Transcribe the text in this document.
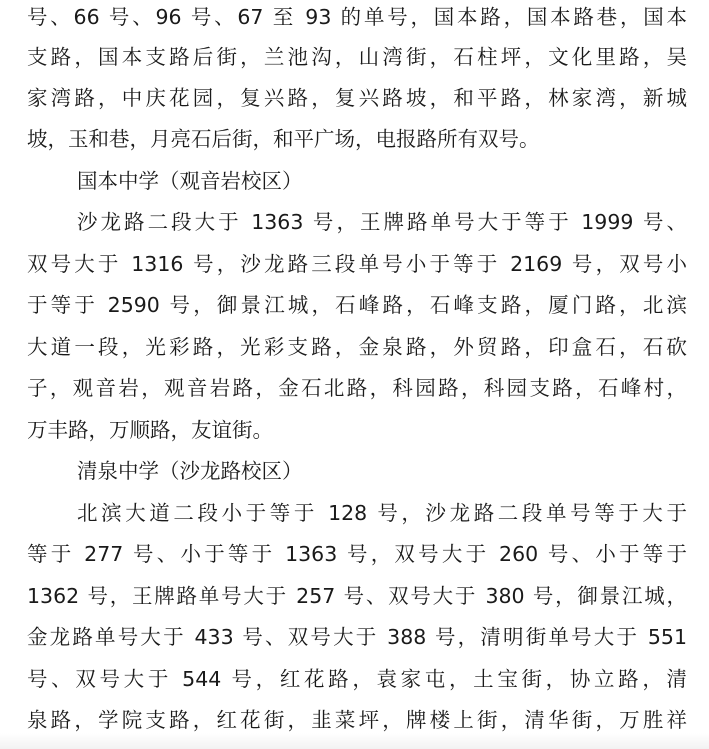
号、66 号、96 号、67 至 93 的单号，国本路，国本路巷，国本
支路，国本支路后街，兰池沟，山湾街，石柱坪，文化里路，吴
家湾路，中庆花园，复兴路，复兴路坡，和平路，林家湾，新城
坡，玉和巷，月亮石后街，和平广场，电报路所有双号。
国本中学（观音岩校区）
沙龙路二段大于 1363 号，王牌路单号大于等于 1999 号、
双号大于 1316 号，沙龙路三段单号小于等于 2169 号，双号小
于等于 2590 号，御景江城，石峰路，石峰支路，厦门路，北滨
大道一段，光彩路，光彩支路，金泉路，外贸路，印盒石，石砍
子，观音岩，观音岩路，金石北路，科园路，科园支路，石峰村，
万丰路，万顺路，友谊街。
清泉中学（沙龙路校区）
北滨大道二段小于等于 128 号，沙龙路二段单号等于大于
等于 277 号、小于等于 1363 号，双号大于 260 号、小于等于
1362 号，王牌路单号大于 257 号、双号大于 380 号，御景江城，
金龙路单号大于 433 号、双号大于 388 号，清明街单号大于 551
号、双号大于 544 号，红花路，袁家屯，土宝街，协立路，清
泉路，学院支路，红花街，韭菜坪，牌楼上街，清华街，万胜祥
